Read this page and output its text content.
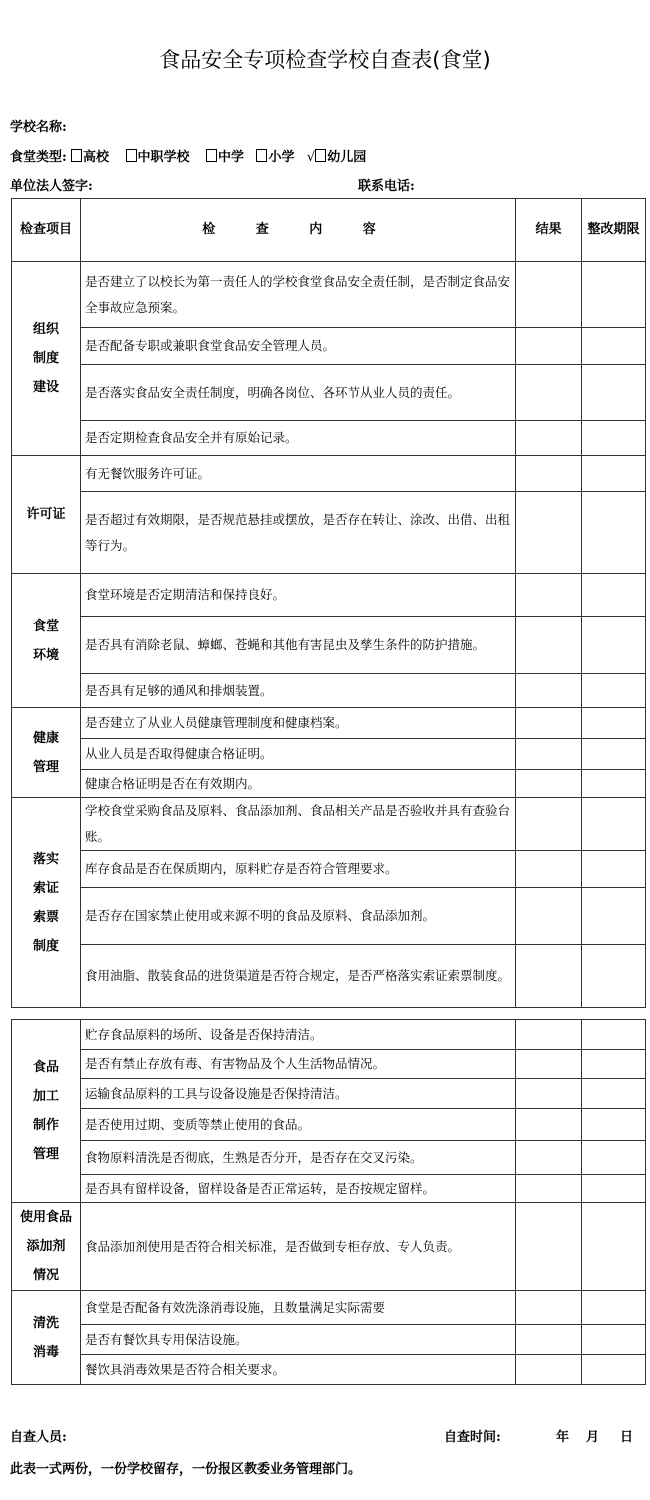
食品安全专项检查学校自查表(食堂)
学校名称:
食堂类型: 高校 中职学校 中学 小学 √ 幼儿园
单位法人签字:	联系电话:
检查项目	检 查 内 容	结果	整改期限

组织
制度
建设	是否建立了以校长为第一责任人的学校食堂食品安全责任制，是否制定食品安全事故应急预案。		
	是否配备专职或兼职食堂食品安全管理人员。		
	是否落实食品安全责任制度，明确各岗位、各环节从业人员的责任。		
	是否定期检查食品安全并有原始记录。		

许可证	有无餐饮服务许可证。		
	是否超过有效期限，是否规范悬挂或摆放，是否存在转让、涂改、出借、出租等行为。		

食堂
环境	食堂环境是否定期清洁和保持良好。		
	是否具有消除老鼠、蟑螂、苍蝇和其他有害昆虫及孳生条件的防护措施。		
	是否具有足够的通风和排烟装置。		

健康
管理	是否建立了从业人员健康管理制度和健康档案。		
	从业人员是否取得健康合格证明。		
	健康合格证明是否在有效期内。		

落实
索证
索票
制度	学校食堂采购食品及原料、食品添加剂、食品相关产品是否验收并具有查验台账。		
	库存食品是否在保质期内，原料贮存是否符合管理要求。		
	是否存在国家禁止使用或来源不明的食品及原料、食品添加剂。		
	食用油脂、散装食品的进货渠道是否符合规定，是否严格落实索证索票制度。		
食品
加工
制作
管理	贮存食品原料的场所、设备是否保持清洁。		
	是否有禁止存放有毒、有害物品及个人生活物品情况。		
	运输食品原料的工具与设备设施是否保持清洁。		
	是否使用过期、变质等禁止使用的食品。		
	食物原料清洗是否彻底，生熟是否分开，是否存在交叉污染。		
	是否具有留样设备，留样设备是否正常运转，是否按规定留样。		

使用食品
添加剂
情况	食品添加剂使用是否符合相关标准，是否做到专柜存放、专人负责。		

清洗
消毒	食堂是否配备有效洗涤消毒设施，且数量满足实际需要		
	是否有餐饮具专用保洁设施。		
	餐饮具消毒效果是否符合相关要求。		
自查人员:	自查时间:	年 月 日
此表一式两份，一份学校留存，一份报区教委业务管理部门。
